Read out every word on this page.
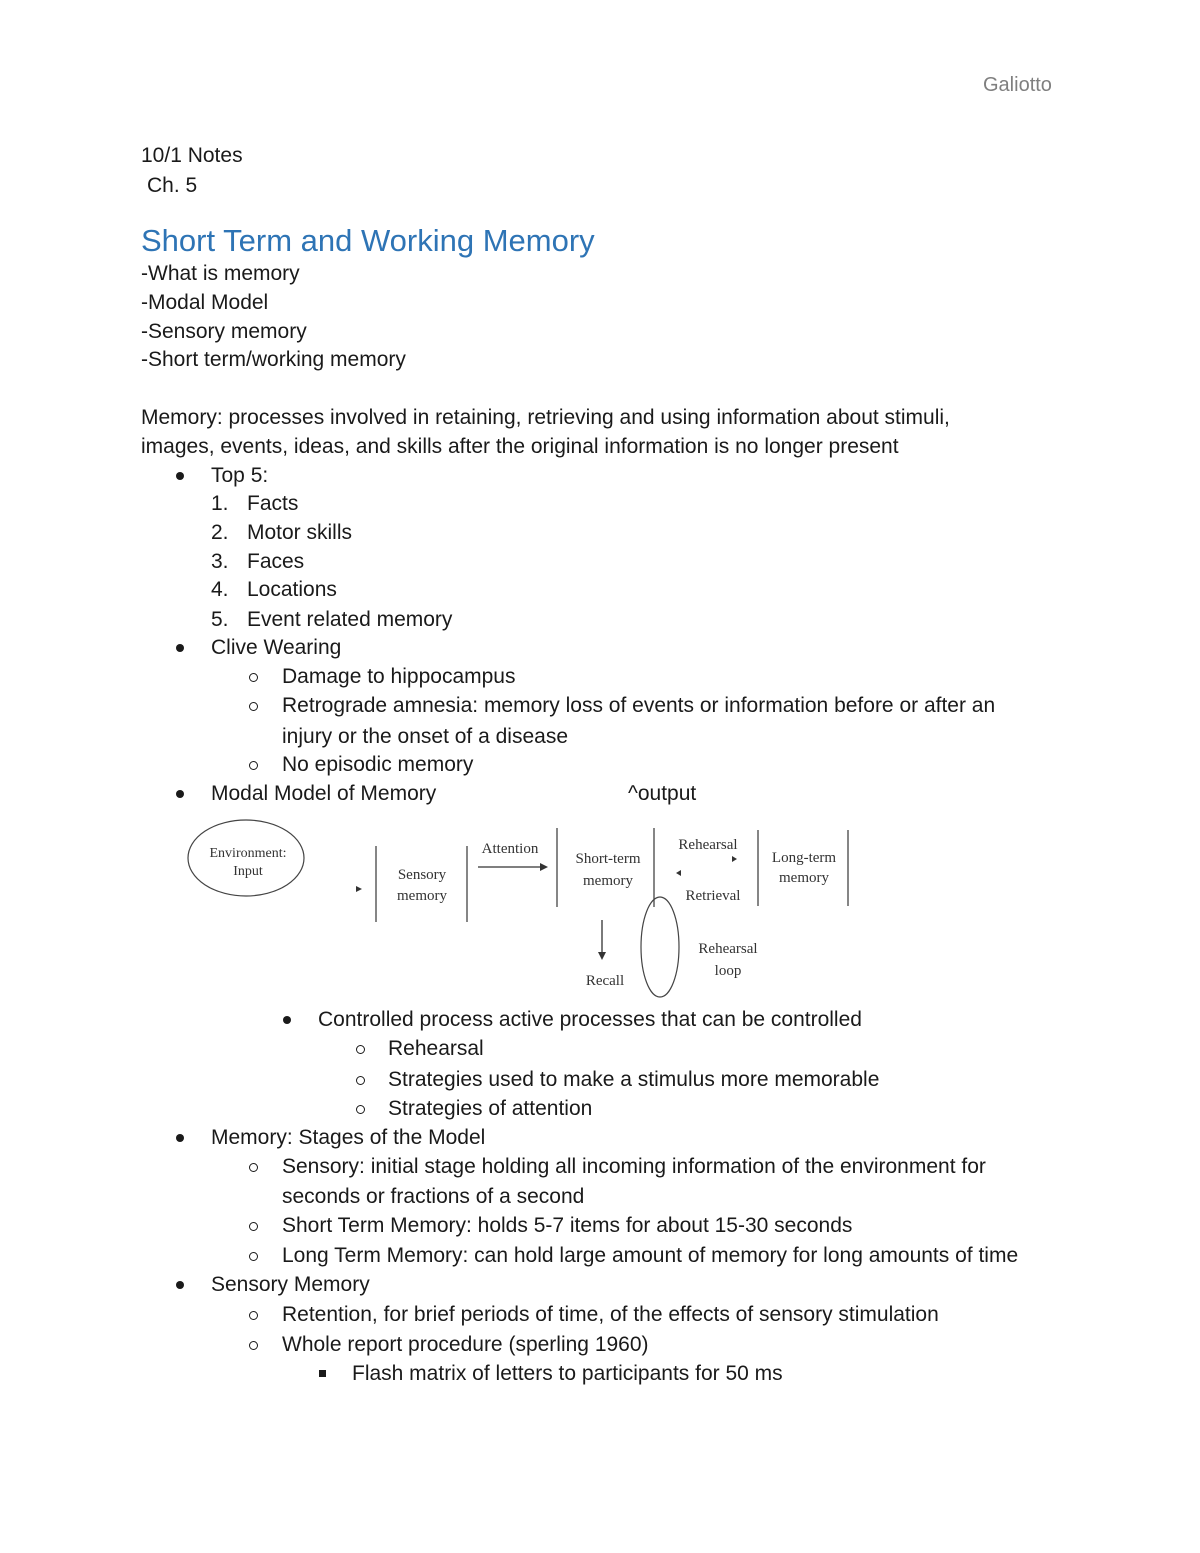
Galiotto
10/1 Notes
Ch. 5
Short Term and Working Memory
-What is memory
-Modal Model
-Sensory memory
-Short term/working memory
Memory: processes involved in retaining, retrieving and using information about stimuli,
images, events, ideas, and skills after the original information is no longer present
Top 5:
1. Facts
2. Motor skills
3. Faces
4. Locations
5. Event related memory
Clive Wearing
Damage to hippocampus
Retrograde amnesia: memory loss of events or information before or after an
injury or the onset of a disease
No episodic memory
Modal Model of Memory	^output
Environment:
Input	Sensory
memory
Attention
Short-term
memory
Rehearsal
Retrieval
Long-term
memory
Recall
Rehearsal
loop
Controlled process active processes that can be controlled
Rehearsal
Strategies used to make a stimulus more memorable
Strategies of attention
Memory: Stages of the Model
Sensory: initial stage holding all incoming information of the environment for
seconds or fractions of a second
Short Term Memory: holds 5-7 items for about 15-30 seconds
Long Term Memory: can hold large amount of memory for long amounts of time
Sensory Memory
Retention, for brief periods of time, of the effects of sensory stimulation
Whole report procedure (sperling 1960)
Flash matrix of letters to participants for 50 ms
